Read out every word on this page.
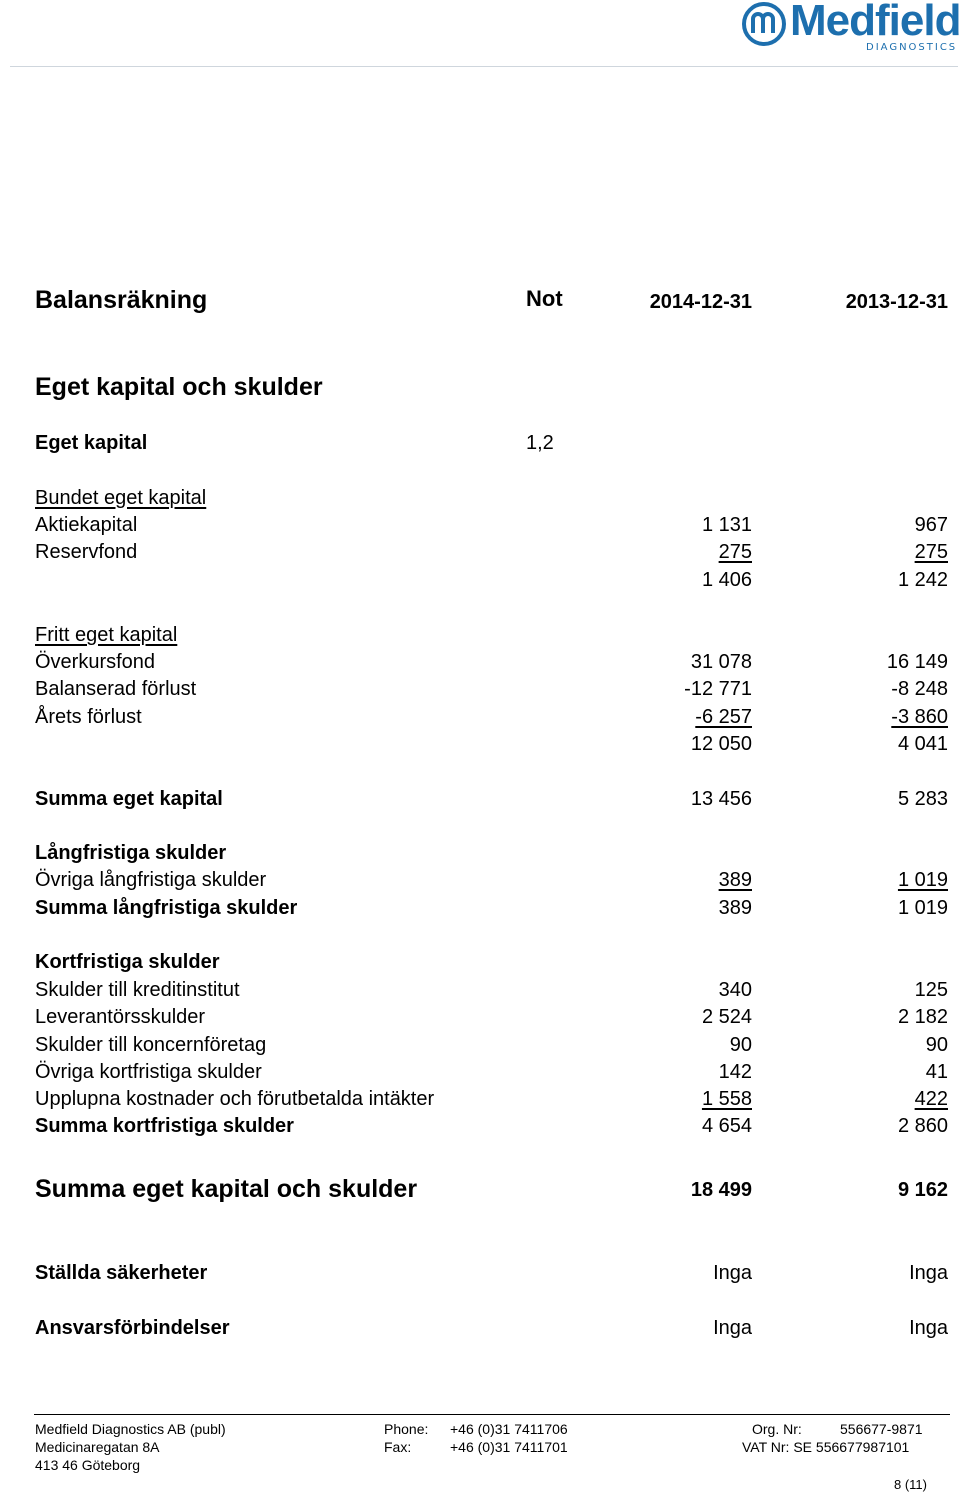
Medfield
DIAGNOSTICS
Balansräkning	Not	2014-12-31	2013-12-31
Eget kapital och skulder
Eget kapital	1,2
Bundet eget kapital
Aktiekapital	1 131	967
Reservfond	275	275
1 406	1 242
Fritt eget kapital
Överkursfond	31 078	16 149
Balanserad förlust	-12 771	-8 248
Årets förlust	-6 257	-3 860
12 050	4 041
Summa eget kapital	13 456	5 283
Långfristiga skulder
Övriga långfristiga skulder	389	1 019
Summa långfristiga skulder	389	1 019
Kortfristiga skulder
Skulder till kreditinstitut	340	125
Leverantörsskulder	2 524	2 182
Skulder till koncernföretag	90	90
Övriga kortfristiga skulder	142	41
Upplupna kostnader och förutbetalda intäkter	1 558	422
Summa kortfristiga skulder	4 654	2 860
Summa eget kapital och skulder	18 499	9 162
Ställda säkerheter	Inga	Inga
Ansvarsförbindelser	Inga	Inga
Medfield Diagnostics AB (publ)
Medicinaregatan 8A
413 46 Göteborg
Phone: +46 (0)31 7411706
Fax:	+46 (0)31 7411701
Org. Nr:	556677-9871
VAT Nr: SE 556677987101
8 (11)
